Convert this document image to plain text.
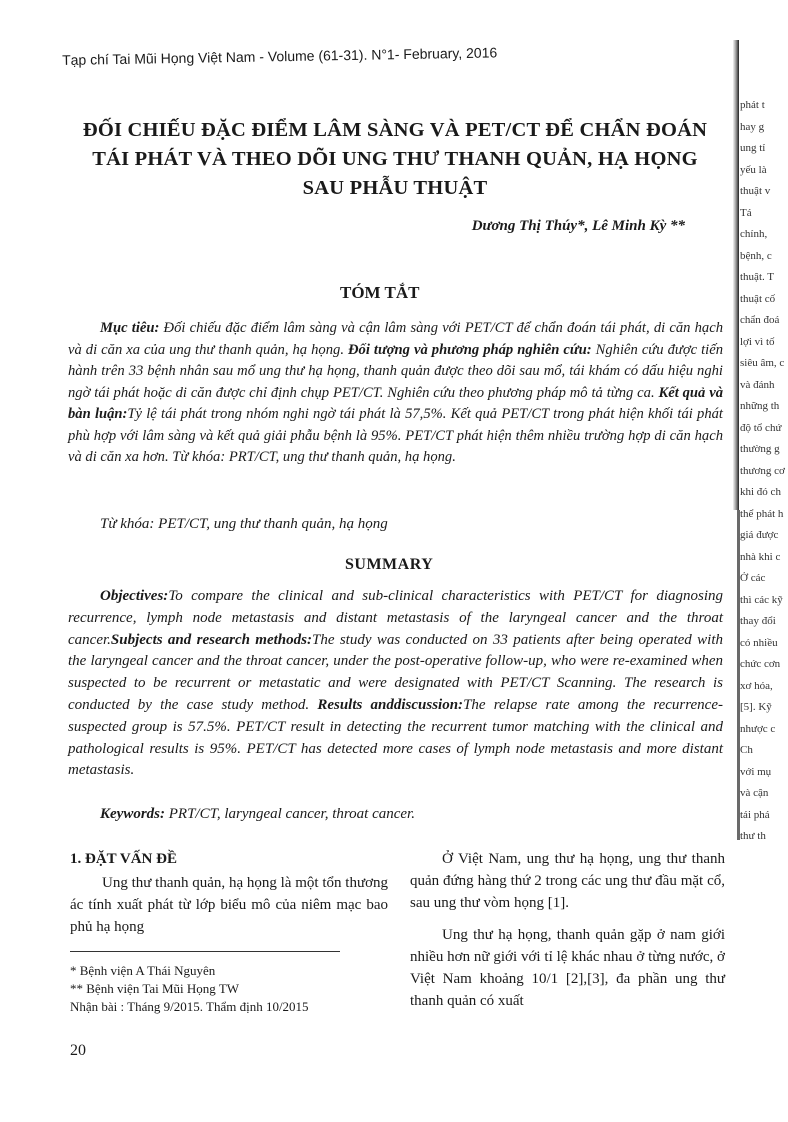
Tạp chí Tai Mũi Họng Việt Nam - Volume (61-31). N°1- February, 2016
ĐỐI CHIẾU ĐẶC ĐIỂM LÂM SÀNG VÀ PET/CT ĐỂ CHẨN ĐOÁN TÁI PHÁT VÀ THEO DÕI UNG THƯ THANH QUẢN, HẠ HỌNG SAU PHẪU THUẬT
Dương Thị Thúy*, Lê Minh Kỳ **
TÓM TẮT
Mục tiêu: Đối chiếu đặc điểm lâm sàng và cận lâm sàng với PET/CT để chẩn đoán tái phát, di căn hạch và di căn xa của ung thư thanh quản, hạ họng. Đối tượng và phương pháp nghiên cứu: Nghiên cứu được tiến hành trên 33 bệnh nhân sau mổ ung thư hạ họng, thanh quản được theo dõi sau mổ, tái khám có dấu hiệu nghi ngờ tái phát hoặc di căn được chỉ định chụp PET/CT. Nghiên cứu theo phương pháp mô tả từng ca. Kết quả và bàn luận:Tỷ lệ tái phát trong nhóm nghi ngờ tái phát là 57,5%. Kết quả PET/CT trong phát hiện khối tái phát phù hợp với lâm sàng và kết quả giải phẫu bệnh là 95%. PET/CT phát hiện thêm nhiều trường hợp di căn hạch và di căn xa hơn. Từ khóa: PRT/CT, ung thư thanh quản, hạ họng.
Từ khóa: PET/CT, ung thư thanh quản, hạ họng
SUMMARY
Objectives:To compare the clinical and sub-clinical characteristics with PET/CT for diagnosing recurrence, lymph node metastasis and distant metastasis of the laryngeal cancer and the throat cancer.Subjects and research methods:The study was conducted on 33 patients after being operated with the laryngeal cancer and the throat cancer, under the post-operative follow-up, who were re-examined when suspected to be recurrent or metastatic and were designated with PET/CT Scanning. The research is conducted by the case study method. Results anddiscussion:The relapse rate among the recurrence-suspected group is 57.5%. PET/CT result in detecting the recurrent tumor matching with the clinical and pathological results is 95%. PET/CT has detected more cases of lymph node metastasis and more distant metastasis.
Keywords: PRT/CT, laryngeal cancer, throat cancer.
1. ĐẶT VẤN ĐỀ

Ung thư thanh quản, hạ họng là một tổn thương ác tính xuất phát từ lớp biểu mô của niêm mạc bao phủ hạ họng

Ở Việt Nam, ung thư hạ họng, ung thư thanh quản đứng hàng thứ 2 trong các ung thư đầu mặt cổ, sau ung thư vòm họng [1].

Ung thư hạ họng, thanh quản gặp ở nam giới nhiều hơn nữ giới với tỉ lệ khác nhau ở từng nước, ở Việt Nam khoảng 10/1 [2],[3], đa phần ung thư thanh quản có xuất

* Bệnh viện A Thái Nguyên
** Bệnh viện Tai Mũi Họng TW
Nhận bài : Tháng 9/2015. Thẩm định 10/2015
20
phát t
hay g
ung tỉ
yếu là
thuật v
Tá
chính,
bệnh, c
thuật. T
thuật cố
chẩn đoá
lợi vì tố
siêu âm, c
và đánh
những th
độ tổ chứ
thường g
thương cơ
khi đó ch
thể phát h
giá được
nhà khi c
Ở các
thì các kỹ
thay đổi
có nhiều
chức cơn
xơ hóa,
[5]. Kỹ
nhược c
Ch
với mụ
và cận
tái phá
thư th
